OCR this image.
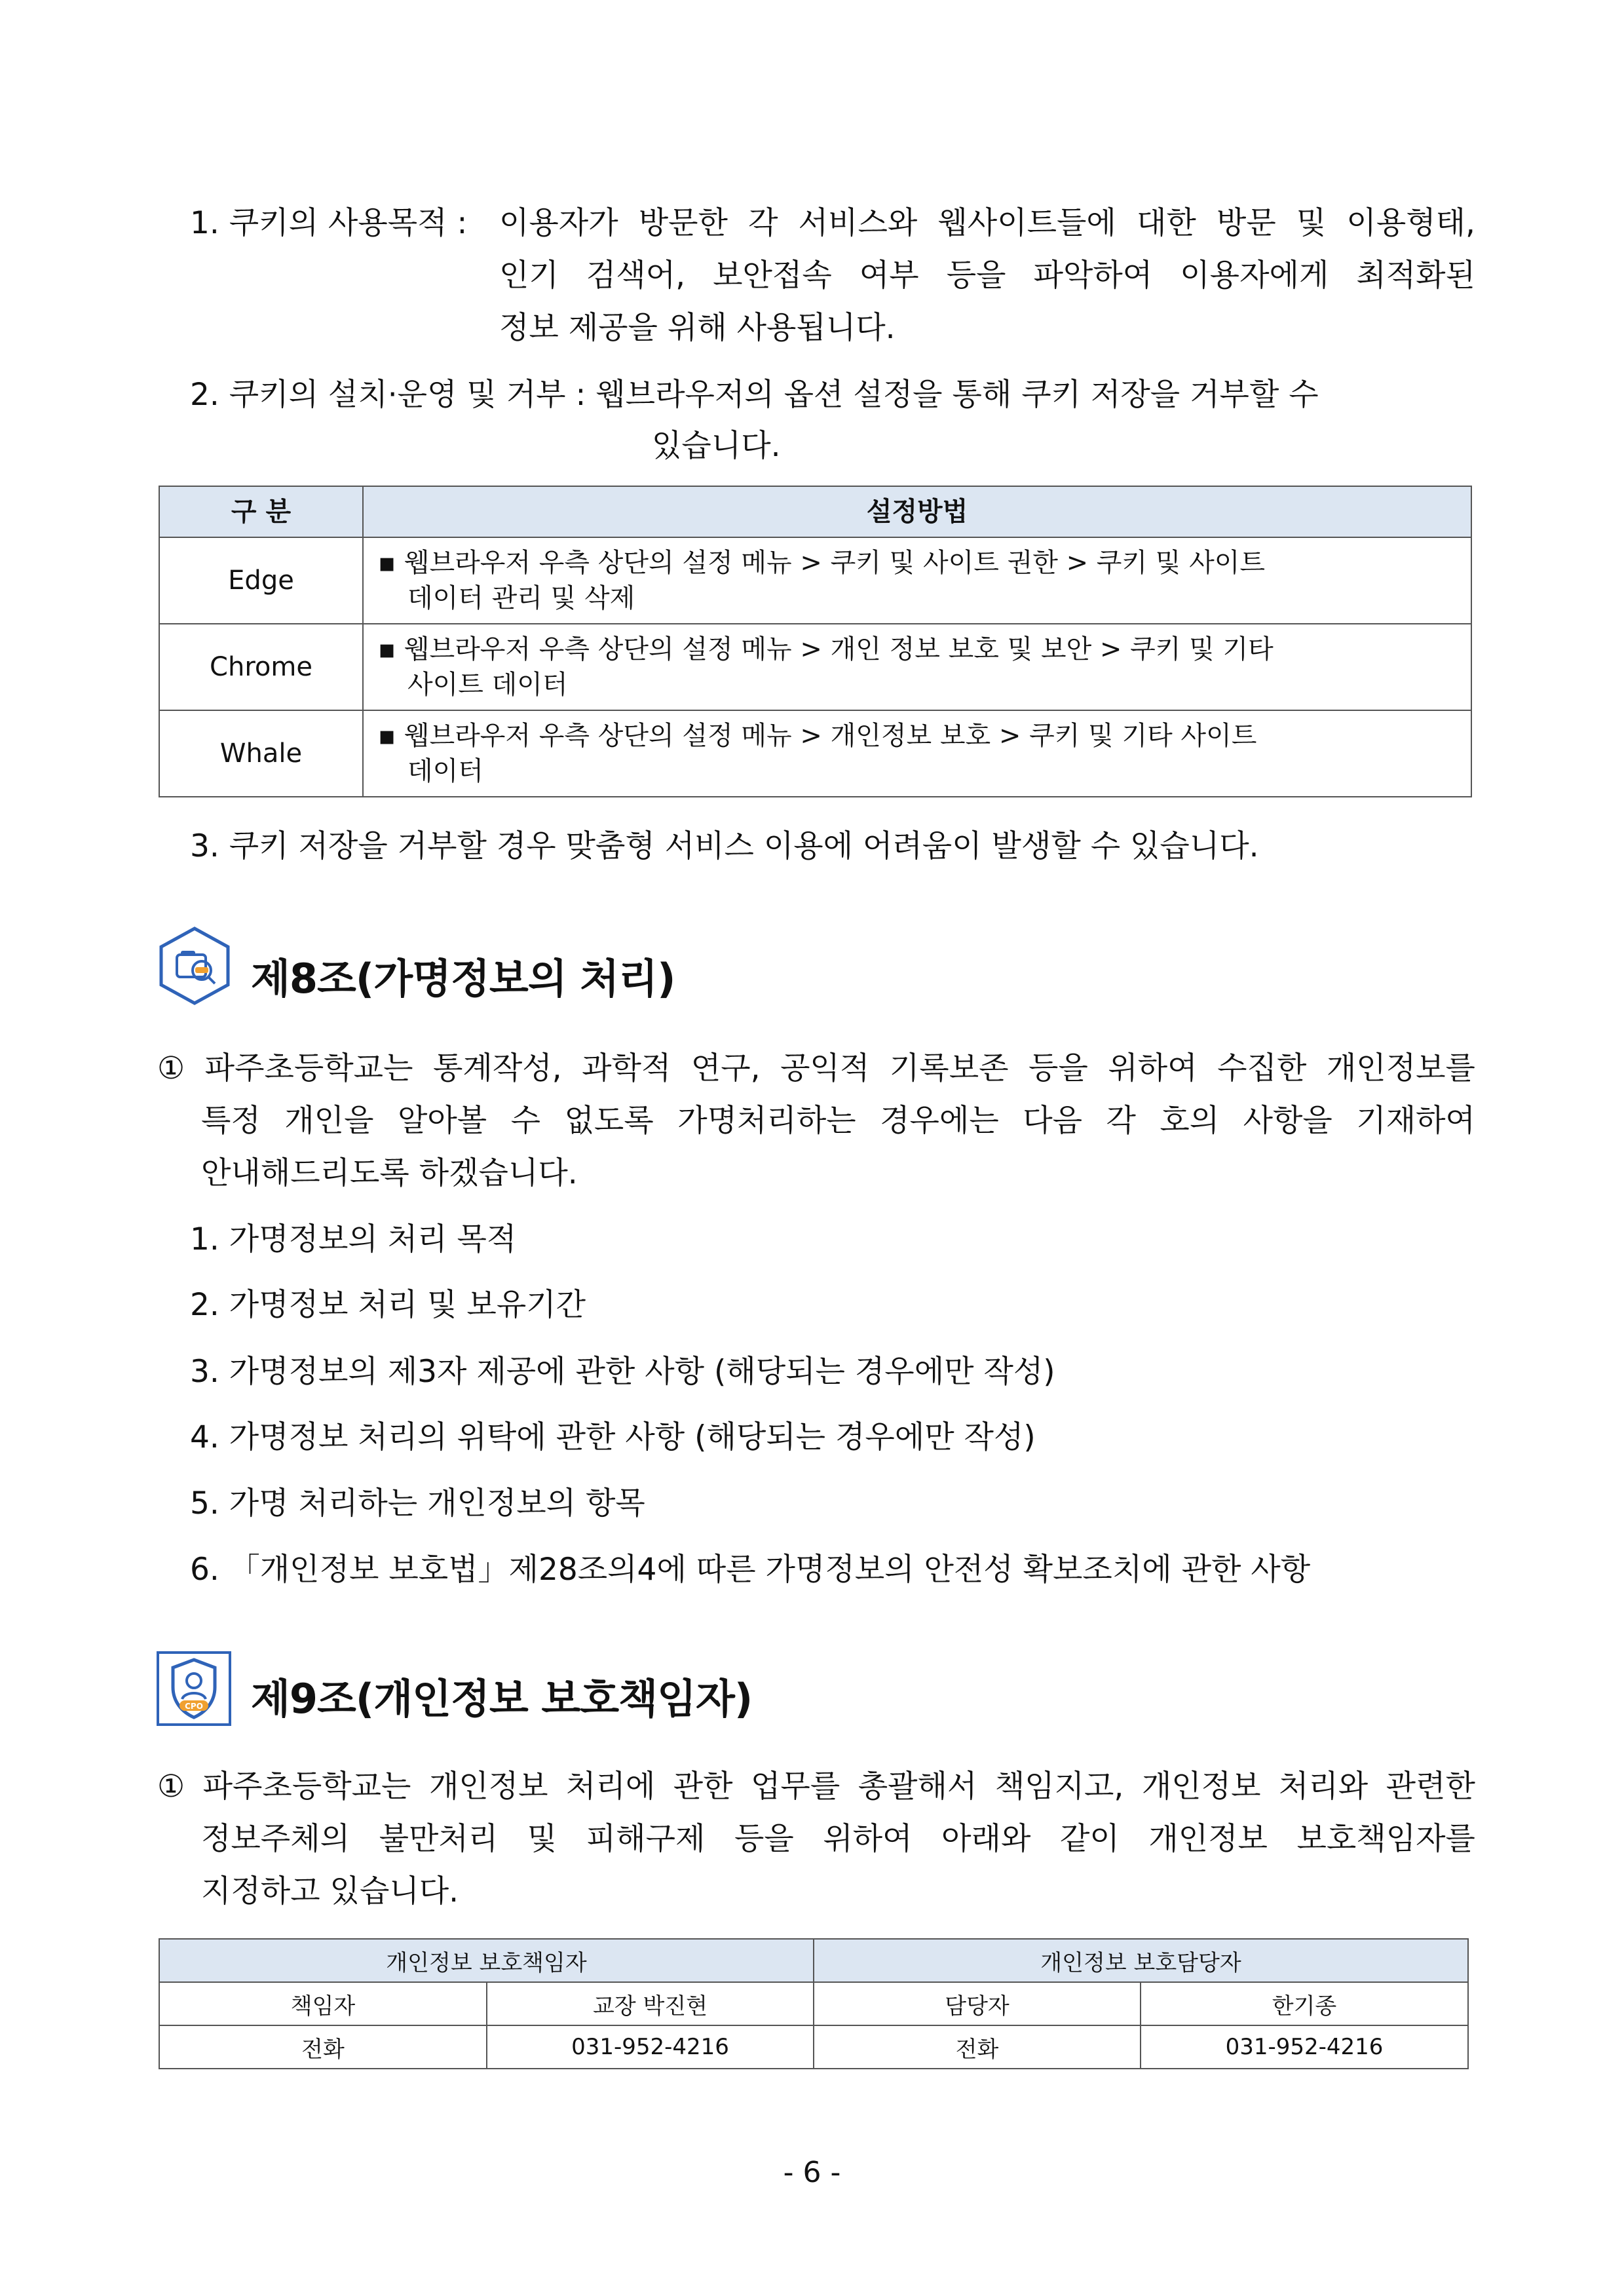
1. 쿠키의 사용목적 : 이용자가 방문한 각 서비스와 웹사이트들에 대한 방문 및 이용형태,
인기 검색어, 보안접속 여부 등을 파악하여 이용자에게 최적화된
정보 제공을 위해 사용됩니다.
2. 쿠키의 설치·운영 및 거부 : 웹브라우저의 옵션 설정을 통해 쿠키 저장을 거부할 수
있습니다.
구 분	설정방법
Edge	▪ 웹브라우저 우측 상단의 설정 메뉴 > 쿠키 및 사이트 권한 > 쿠키 및 사이트
데이터 관리 및 삭제

Chrome	▪ 웹브라우저 우측 상단의 설정 메뉴 > 개인 정보 보호 및 보안 > 쿠키 및 기타
사이트 데이터

Whale	▪ 웹브라우저 우측 상단의 설정 메뉴 > 개인정보 보호 > 쿠키 및 기타 사이트
데이터
3. 쿠키 저장을 거부할 경우 맞춤형 서비스 이용에 어려움이 발생할 수 있습니다.
제8조(가명정보의 처리)
① 파주초등학교는 통계작성, 과학적 연구, 공익적 기록보존 등을 위하여 수집한 개인정보를
특정 개인을 알아볼 수 없도록 가명처리하는 경우에는 다음 각 호의 사항을 기재하여
안내해드리도록 하겠습니다.
1. 가명정보의 처리 목적
2. 가명정보 처리 및 보유기간
3. 가명정보의 제3자 제공에 관한 사항 (해당되는 경우에만 작성)
4. 가명정보 처리의 위탁에 관한 사항 (해당되는 경우에만 작성)
5. 가명 처리하는 개인정보의 항목
6. 「개인정보 보호법」제28조의4에 따른 가명정보의 안전성 확보조치에 관한 사항
CPO 제9조(개인정보 보호책임자)
① 파주초등학교는 개인정보 처리에 관한 업무를 총괄해서 책임지고, 개인정보 처리와 관련한
정보주체의 불만처리 및 피해구제 등을 위하여 아래와 같이 개인정보 보호책임자를
지정하고 있습니다.
개인정보 보호책임자		개인정보 보호담당자	
책임자	교장 박진현	담당자	한기종
전화	031-952-4216	전화	031-952-4216
- 6 -
